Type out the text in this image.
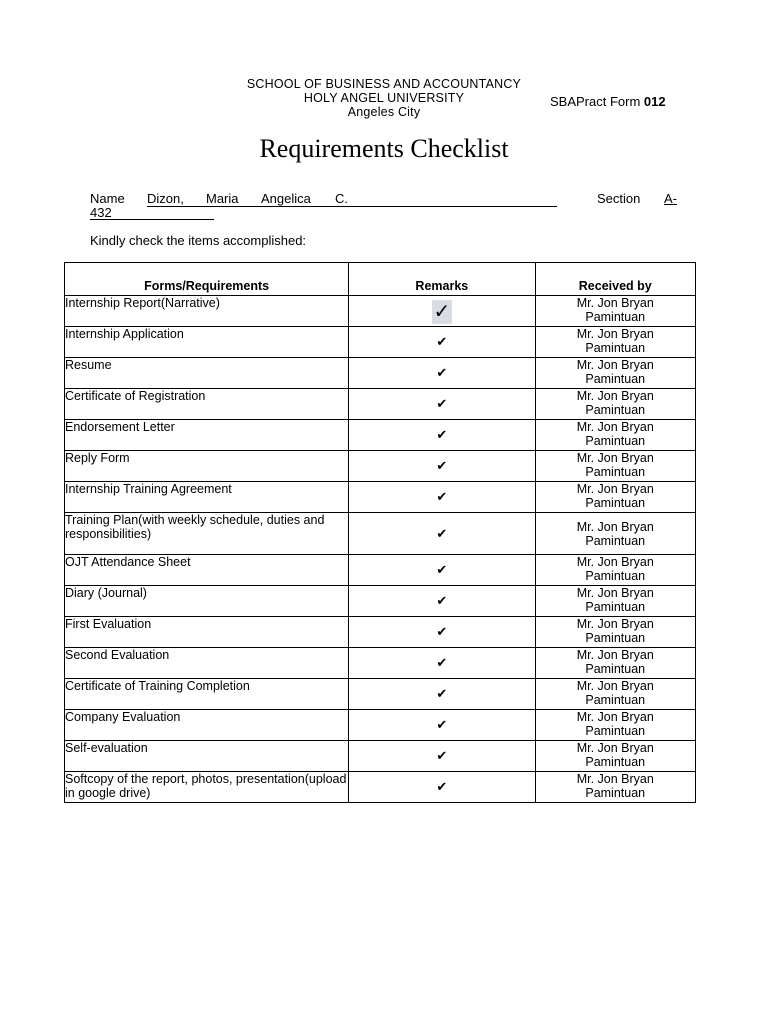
SCHOOL OF BUSINESS AND ACCOUNTANCY
HOLY ANGEL UNIVERSITY
Angeles City
SBAPract Form 012
Requirements Checklist
Name Dizon, Maria Angelica C.	Section A-
432
Kindly check the items accomplished:
Forms/Requirements	Remarks	Received by
Internship Report(Narrative)	✓	Mr. Jon Bryan
Pamintuan

Internship Application	✔	Mr. Jon Bryan
Pamintuan

Resume	✔	Mr. Jon Bryan
Pamintuan

Certificate of Registration	✔	Mr. Jon Bryan
Pamintuan

Endorsement Letter	✔	Mr. Jon Bryan
Pamintuan

Reply Form	✔	Mr. Jon Bryan
Pamintuan

Internship Training Agreement	✔	Mr. Jon Bryan
Pamintuan

Training Plan(with weekly schedule, duties and responsibilities)	✔	Mr. Jon Bryan
Pamintuan

OJT Attendance Sheet	✔	Mr. Jon Bryan
Pamintuan

Diary (Journal)	✔	Mr. Jon Bryan
Pamintuan

First Evaluation	✔	Mr. Jon Bryan
Pamintuan

Second Evaluation	✔	Mr. Jon Bryan
Pamintuan

Certificate of Training Completion	✔	Mr. Jon Bryan
Pamintuan

Company Evaluation	✔	Mr. Jon Bryan
Pamintuan

Self-evaluation	✔	Mr. Jon Bryan
Pamintuan

Softcopy of the report, photos, presentation(upload in google drive)	✔	Mr. Jon Bryan
Pamintuan
